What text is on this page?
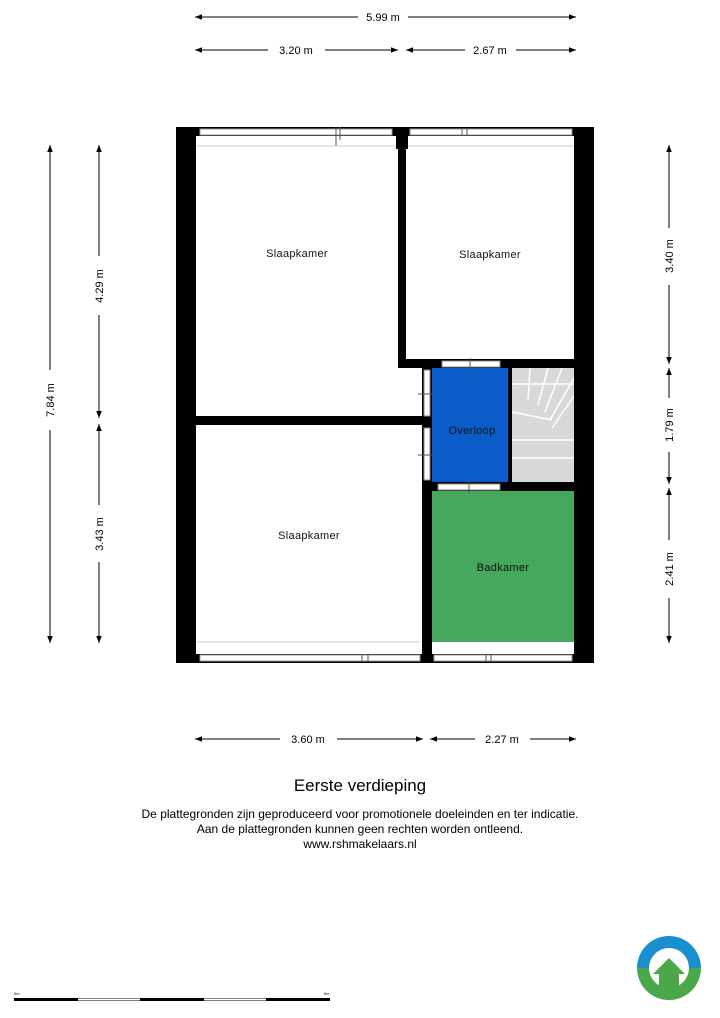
5.99 m
3.20 m	2.67 m
7.84 m
4.29 m
3.43 m
3.40 m
1.79 m
2.41 m
3.60 m	2.27 m
Slaapkamer	Slaapkamer
Slaapkamer
Overloop
Badkamer
0m	5m
Eerste verdieping
De plattegronden zijn geproduceerd voor promotionele doeleinden en ter indicatie.
Aan de plattegronden kunnen geen rechten worden ontleend.
www.rshmakelaars.nl
